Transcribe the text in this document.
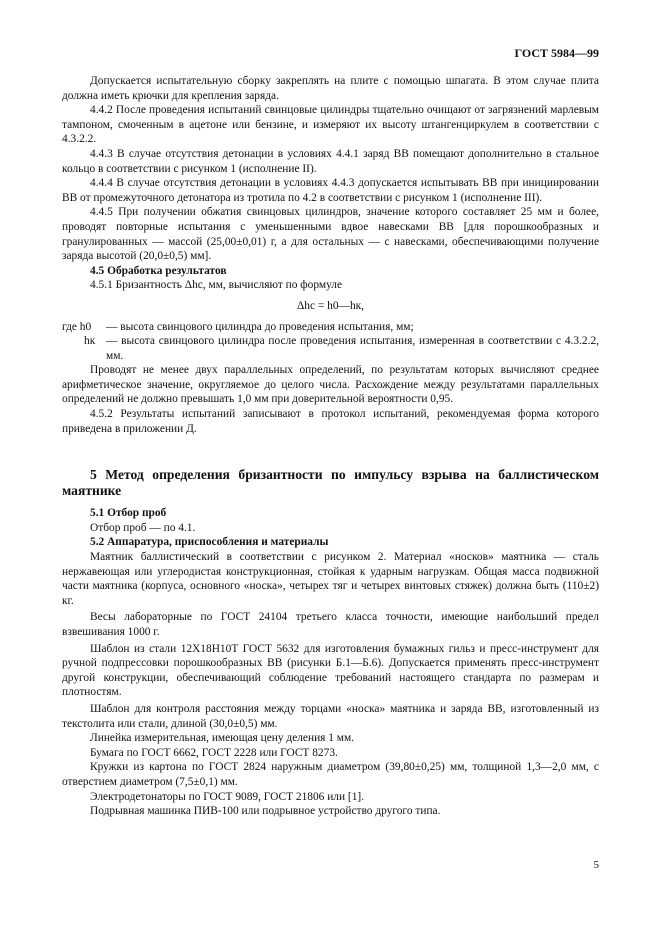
ГОСТ 5984—99

Допускается испытательную сборку закреплять на плите с помощью шпагата. В этом случае плита должна иметь крючки для крепления заряда.

4.4.2 После проведения испытаний свинцовые цилиндры тщательно очищают от загрязнений марлевым тампоном, смоченным в ацетоне или бензине, и измеряют их высоту штангенциркулем в соответствии с 4.3.2.2.

4.4.3 В случае отсутствия детонации в условиях 4.4.1 заряд ВВ помещают дополнительно в стальное кольцо в соответствии с рисунком 1 (исполнение II).

4.4.4 В случае отсутствия детонации в условиях 4.4.3 допускается испытывать ВВ при инициировании ВВ от промежуточного детонатора из тротила по 4.2 в соответствии с рисунком 1 (исполнение III).

4.4.5 При получении обжатия свинцовых цилиндров, значение которого составляет 25 мм и более, проводят повторные испытания с уменьшенными вдвое навесками ВВ [для порошкообразных и гранулированных — массой (25,00±0,01) г, а для остальных — с навесками, обеспечивающими получение заряда высотой (20,0±0,5) мм].

4.5 Обработка результатов

4.5.1 Бризантность Δhc, мм, вычисляют по формуле

Δhc = h0—hк,

где h0 — высота свинцового цилиндра до проведения испытания, мм;

hк — высота свинцового цилиндра после проведения испытания, измеренная в соответствии с 4.3.2.2, мм.

Проводят не менее двух параллельных определений, по результатам которых вычисляют среднее арифметическое значение, округляемое до целого числа. Расхождение между результатами параллельных определений не должно превышать 1,0 мм при доверительной вероятности 0,95.

4.5.2 Результаты испытаний записывают в протокол испытаний, рекомендуемая форма которого приведена в приложении Д.

5 Метод определения бризантности по импульсу взрыва на баллистическом маятнике

5.1 Отбор проб

Отбор проб — по 4.1.

5.2 Аппаратура, приспособления и материалы

Маятник баллистический в соответствии с рисунком 2. Материал «носков» маятника — сталь нержавеющая или углеродистая конструкционная, стойкая к ударным нагрузкам. Общая масса подвижной части маятника (корпуса, основного «носка», четырех тяг и четырех винтовых стяжек) должна быть (110±2) кг.

Весы лабораторные по ГОСТ 24104 третьего класса точности, имеющие наибольший предел взвешивания 1000 г.

Шаблон из стали 12Х18Н10Т ГОСТ 5632 для изготовления бумажных гильз и пресс-инструмент для ручной подпрессовки порошкообразных ВВ (рисунки Б.1—Б.6). Допускается применять пресс-инструмент другой конструкции, обеспечивающий соблюдение требований настоящего стандарта по размерам и плотностям.

Шаблон для контроля расстояния между торцами «носка» маятника и заряда ВВ, изготовленный из текстолита или стали, длиной (30,0±0,5) мм.

Линейка измерительная, имеющая цену деления 1 мм.

Бумага по ГОСТ 6662, ГОСТ 2228 или ГОСТ 8273.

Кружки из картона по ГОСТ 2824 наружным диаметром (39,80±0,25) мм, толщиной 1,3—2,0 мм, с отверстием диаметром (7,5±0,1) мм.

Электродетонаторы по ГОСТ 9089, ГОСТ 21806 или [1].

Подрывная машинка ПИВ-100 или подрывное устройство другого типа.

5
